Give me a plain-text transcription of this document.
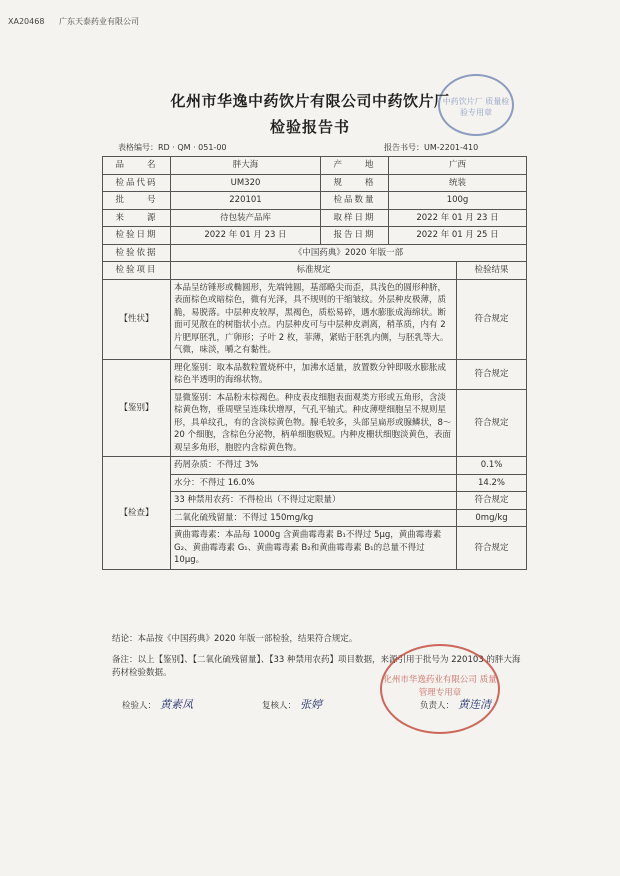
XA20468 广东天泰药业有限公司
中药饮片厂 质量检验专用章
化州市华逸中药饮片有限公司中药饮片厂
检验报告书
表格编号：RD · QM · 051-00	报告书号：UM-2201-410
品　　名	胖大海	产　　地	广西	
检品代码	UM320	规　　格	统装	
批　　号	220101	检品数量	100g	
来　　源	待包装产品库	取样日期	2022 年 01 月 23 日	
检验日期	2022 年 01 月 23 日	报告日期	2022 年 01 月 25 日	
检验依据	《中国药典》2020 年版一部			
检验项目	标准规定			检验结果
【性状】	本品呈纺锤形或椭圆形，先端钝圆，基部略尖而歪，具浅色的圆形种脐，表面棕色或暗棕色，微有光泽，具不规则的干缩皱纹。外层种皮极薄，质脆，易脱落。中层种皮较厚，黑褐色，质松易碎，遇水膨胀成海绵状。断面可见散在的树脂状小点。内层种皮可与中层种皮剥离，稍革质，内有 2 片肥厚胚乳，广卵形；子叶 2 枚，菲薄，紧贴于胚乳内侧，与胚乳等大。气微，味淡，嚼之有黏性。			符合规定
【鉴别】	理化鉴别：取本品数粒置烧杯中，加沸水适量，放置数分钟即吸水膨胀成棕色半透明的海绵状物。			符合规定
	显微鉴别：本品粉末棕褐色。种皮表皮细胞表面观类方形或五角形，含淡棕黄色物，垂周壁呈连珠状增厚，气孔平轴式。种皮薄壁细胞呈不规则星形，具单纹孔，有的含淡棕黄色物。腺毛较多，头部呈扁形或腺鳞状，8～20 个细胞，含棕色分泌物，柄单细胞极短。内种皮栅状细胞淡黄色，表面观呈多角形，胞腔内含棕黄色物。			符合规定
【检查】	药屑杂质：不得过 3%			0.1%
	水分：不得过 16.0%			14.2%
	33 种禁用农药：不得检出（不得过定限量）			符合规定
	二氧化硫残留量：不得过 150mg/kg			0mg/kg
	黄曲霉毒素：本品每 1000g 含黄曲霉毒素 B₁不得过 5μg，黄曲霉毒素 G₂、黄曲霉毒素 G₁、黄曲霉毒素 B₂和黄曲霉毒素 B₁的总量不得过 10μg。			符合规定
结论：本品按《中国药典》2020 年版一部检验，结果符合规定。
备注：以上【鉴别】、【二氧化硫残留量】、【33 种禁用农药】项目数据，来源引用于批号为 220103 的胖大海药材检验数据。
化州市华逸药业有限公司 质量管理专用章
检验人： 黄素凤	复核人： 张婷	负责人： 黄连清
